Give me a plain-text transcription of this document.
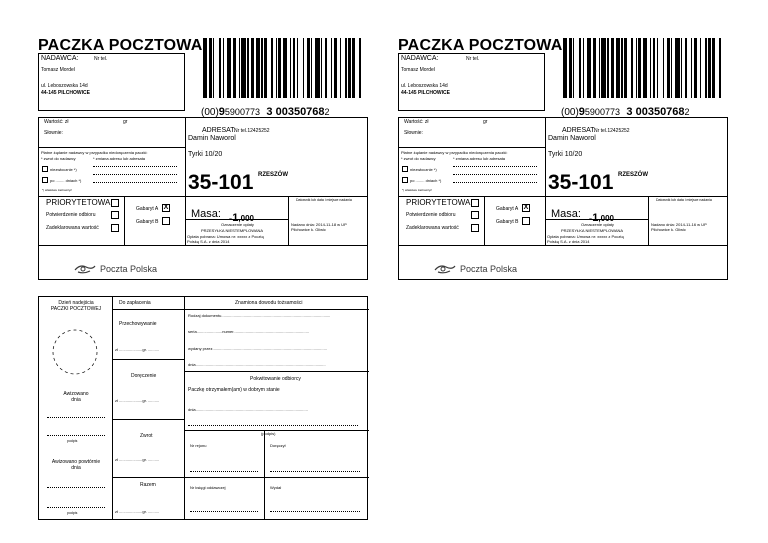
PACZKA POCZTOWA
NADAWCA:	Nr tel.
Tomasz Mordel
ul. Leboszowska 14d
44-145 PILCHOWICE
(00)95900773 3 003507682
Wartość: zł	gr
Słownie:	ADRESAT:
Nr tel.12425252
Damin Naworol
Tyrki 10/20
Płatne żądanie nadawcy w przypadku niedoręczenia paczki:
* zwrot do nadawcy	* zmiana adresu lub adresata
niezwłocznie *)
po ........ dniach *)
*) właściwe zaznaczyć	35-101 RZESZÓW
PRIORYTETOWA
Potwierdzenie odbioru
Zadeklarowana wartość
Gabaryt A X
Gabaryt B
Masa: ≈1,000
Datownik lub data i miejsce nadania
Oznaczenie opłaty
PRZESYŁKA NIESTEMPLOWANA
Opłata pobrana: Umowa nr: xxxxx z Pocztą
Polską S.A. z dnia 2014
Nadano dnia: 2014-11-18 w UP
Pilchowice k. Gliwic
Poczta Polska
PACZKA POCZTOWA
NADAWCA:	Nr tel.
Tomasz Mordel
ul. Leboszowska 14d
44-145 PILCHOWICE
(00)95900773 3 003507682
Wartość: zł	gr
Słownie:	ADRESAT:
Nr tel.12425252
Damin Naworol
Tyrki 10/20
Płatne żądanie nadawcy w przypadku niedoręczenia paczki:
* zwrot do nadawcy	* zmiana adresu lub adresata
niezwłocznie *)
po ........ dniach *)
*) właściwe zaznaczyć	35-101 RZESZÓW
PRIORYTETOWA
Potwierdzenie odbioru
Zadeklarowana wartość
Gabaryt A X
Gabaryt B
Masa: ≈1,000
Datownik lub data i miejsce nadania
Oznaczenie opłaty
PRZESYŁKA NIESTEMPLOWANA
Opłata pobrana: Umowa nr: xxxxx z Pocztą
Polską S.A. z dnia 2014
Nadano dnia: 2014-11-16 w UP
Pilchowice k. Gliwic
Poczta Polska
Dzień nadejścia
PACZKI POCZTOWEJ
Awizowano
dnia
podpis
Awizowano powtórnie
dnia
podpis
Do zapłacenia
Przechowywanie
zł .....................gr. ..........
Doręczenie
zł .....................gr. ..........
Zwrot
zł .....................gr. ..........
Razem
zł .....................gr. ..........
Znamiona dowodu tożsamości
Rodzaj dokumentu..................................................................................................
seria.......................numer....................................................................
wydany przez.......................................................................................................
dnia.....................................................................................................................
Pokwitowanie odbiorcy
Paczkę otrzymałem(am) w dobrym stanie
dnia.....................................................................................................
(podpis)
Nr rejonu	Doręczył
Nr księgi oddawczej	Wydał
